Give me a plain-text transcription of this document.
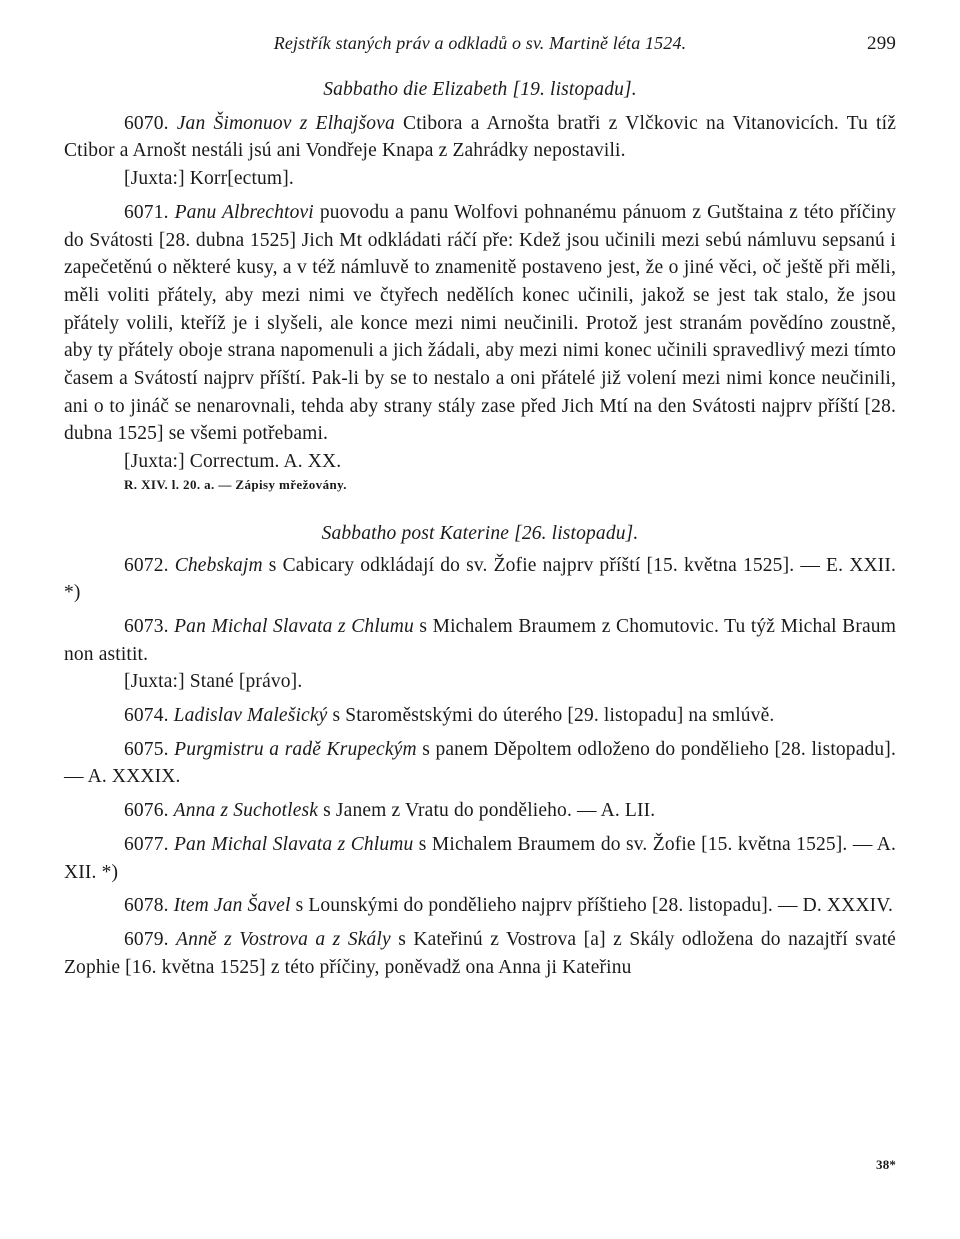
Rejstřík staných práv a odkladů o sv. Martině léta 1524.	299
Sabbatho die Elizabeth [19. listopadu].

6070. Jan Šimonuov z Elhajšova Ctibora a Arnošta bratři z Vlčkovic na Vitanovicích. Tu tíž Ctibor a Arnošt nestáli jsú ani Vondřeje Knapa z Zahrádky nepostavili.

[Juxta:] Korr[ectum].

6071. Panu Albrechtovi puovodu a panu Wolfovi pohnanému pánuom z Gutštaina z této příčiny do Svátosti [28. dubna 1525] Jich Mt odkládati ráčí pře: Kdež jsou učinili mezi sebú námluvu sepsanú i zapečetěnú o některé kusy, a v též námluvě to znamenitě postaveno jest, že o jiné věci, oč ještě při měli, měli voliti přátely, aby mezi nimi ve čtyřech nedělích konec učinili, jakož se jest tak stalo, že jsou přátely volili, kteříž je i slyšeli, ale konce mezi nimi neučinili. Protož jest stranám povědíno zoustně, aby ty přátely oboje strana napomenuli a jich žádali, aby mezi nimi konec učinili spravedlivý mezi tímto časem a Svátostí najprv příští. Pak-li by se to nestalo a oni přátelé již volení mezi nimi konce neučinili, ani o to jináč se nenarovnali, tehda aby strany stály zase před Jich Mtí na den Svátosti najprv příští [28. dubna 1525] se všemi potřebami.

[Juxta:] Correctum. A. XX.
R. XIV. l. 20. a. — Zápisy mřežovány.
Sabbatho post Katerine [26. listopadu].

6072. Chebskajm s Cabicary odkládají do sv. Žofie najprv příští [15. května 1525]. — E. XXII. *)

6073. Pan Michal Slavata z Chlumu s Michalem Braumem z Chomutovic. Tu týž Michal Braum non astitit.

[Juxta:] Stané [právo].

6074. Ladislav Malešický s Staroměstskými do úterého [29. listopadu] na smlúvě.

6075. Purgmistru a radě Krupeckým s panem Děpoltem odloženo do pondělieho [28. listopadu]. — A. XXXIX.

6076. Anna z Suchotlesk s Janem z Vratu do pondělieho. — A. LII.

6077. Pan Michal Slavata z Chlumu s Michalem Braumem do sv. Žofie [15. května 1525]. — A. XII. *)

6078. Item Jan Šavel s Lounskými do pondělieho najprv příštieho [28. listopadu]. — D. XXXIV.

6079. Anně z Vostrova a z Skály s Kateřinú z Vostrova [a] z Skály odložena do nazajtří svaté Zophie [16. května 1525] z této příčiny, poněvadž ona Anna ji Kateřinu

38*
